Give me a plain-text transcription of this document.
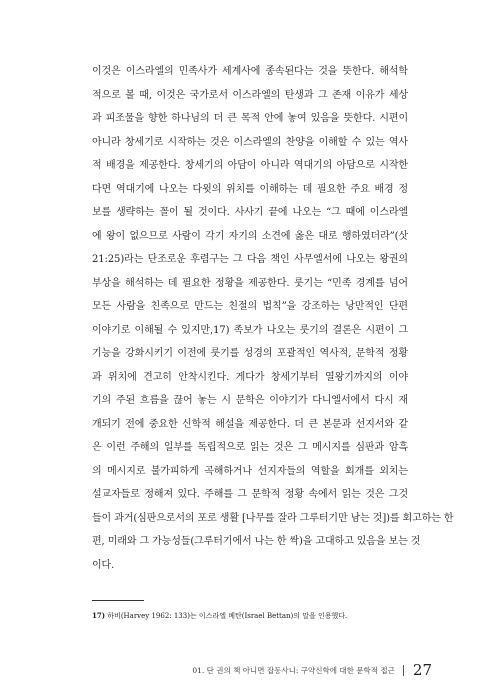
이것은 이스라엘의 민족사가 세계사에 종속된다는 것을 뜻한다. 해석학
적으로 볼 때, 이것은 국가로서 이스라엘의 탄생과 그 존재 이유가 세상
과 피조물을 향한 하나님의 더 큰 목적 안에 놓여 있음을 뜻한다. 시편이
아니라 창세기로 시작하는 것은 이스라엘의 찬양을 이해할 수 있는 역사
적 배경을 제공한다. 창세기의 아담이 아니라 역대기의 아담으로 시작한
다면 역대기에 나오는 다윗의 위치를 이해하는 데 필요한 주요 배경 정
보를 생략하는 꼴이 될 것이다. 사사기 끝에 나오는 “그 때에 이스라엘
에 왕이 없으므로 사람이 각기 자기의 소견에 옳은 대로 행하였더라”(삿
21:25)라는 단조로운 후렴구는 그 다음 책인 사무엘서에 나오는 왕권의
부상을 해석하는 데 필요한 정황을 제공한다. 룻기는 “민족 경계를 넘어
모든 사람을 친족으로 만드는 친절의 법칙”을 강조하는 낭만적인 단편
이야기로 이해될 수 있지만,17) 족보가 나오는 룻기의 결론은 시편이 그
기능을 강화시키기 이전에 룻기를 성경의 포괄적인 역사적, 문학적 정황
과 위치에 견고히 안착시킨다. 게다가 창세기부터 열왕기까지의 이야
기의 주된 흐름을 끊어 놓는 시 문학은 이야기가 다니엘서에서 다시 재
개되기 전에 중요한 신학적 해설을 제공한다. 더 큰 본문과 선지서와 같
은 이런 주해의 일부를 독립적으로 읽는 것은 그 메시지를 심판과 암흑
의 메시지로 불가피하게 곡해하거나 선지자들의 역할을 회개를 외치는
설교자들로 정해져 있다. 주해를 그 문학적 정황 속에서 읽는 것은 그것
들이 과거(심판으로서의 포로 생활 [나무를 잘라 그루터기만 남는 것])를 회고하는 한
편, 미래와 그 가능성들(그루터기에서 나는 한 싹)을 고대하고 있음을 보는 것
이다.
17) 하비(Harvey 1962: 133)는 이스라엘 베탄(Israel Bettan)의 말을 인용했다.
01. 단 권의 책 아니면 잡동사니: 구약신학에 대한 문학적 접근 27
